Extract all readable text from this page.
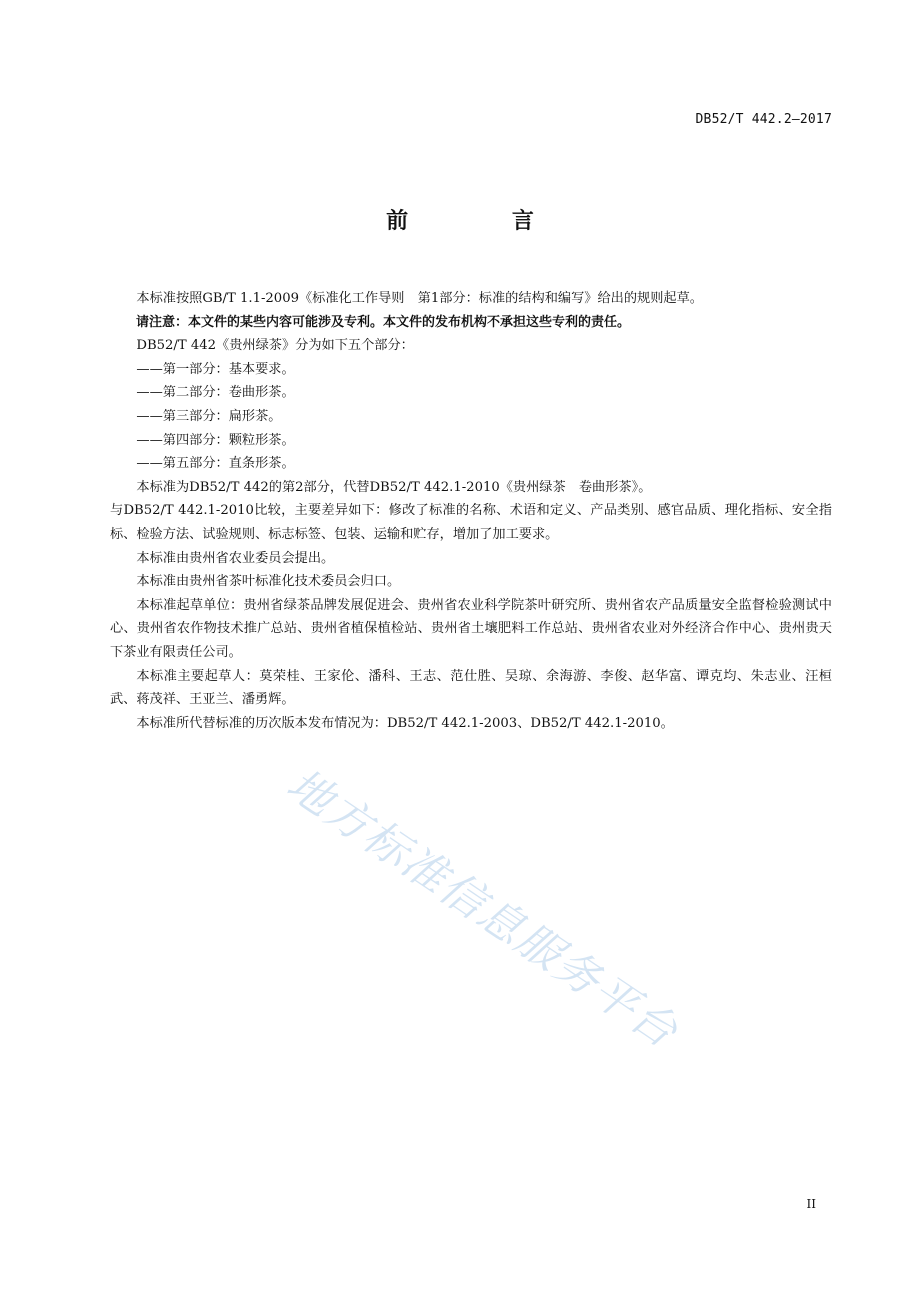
DB52/T 442.2—2017
前 言

本标准按照GB/T 1.1-2009《标准化工作导则　第1部分：标准的结构和编写》给出的规则起草。

请注意：本文件的某些内容可能涉及专利。本文件的发布机构不承担这些专利的责任。

DB52/T 442《贵州绿茶》分为如下五个部分：

——第一部分：基本要求。

——第二部分：卷曲形茶。

——第三部分：扁形茶。

——第四部分：颗粒形茶。

——第五部分：直条形茶。

本标准为DB52/T 442的第2部分，代替DB52/T 442.1-2010《贵州绿茶　卷曲形茶》。

与DB52/T 442.1-2010比较，主要差异如下：修改了标准的名称、术语和定义、产品类别、感官品质、理化指标、安全指标、检验方法、试验规则、标志标签、包装、运输和贮存，增加了加工要求。

本标准由贵州省农业委员会提出。

本标准由贵州省茶叶标准化技术委员会归口。

本标准起草单位：贵州省绿茶品牌发展促进会、贵州省农业科学院茶叶研究所、贵州省农产品质量安全监督检验测试中心、贵州省农作物技术推广总站、贵州省植保植检站、贵州省土壤肥料工作总站、贵州省农业对外经济合作中心、贵州贵天下茶业有限责任公司。

本标准主要起草人：莫荣桂、王家伦、潘科、王志、范仕胜、吴琼、余海游、李俊、赵华富、谭克均、朱志业、汪桓武、蒋茂祥、王亚兰、潘勇辉。

本标准所代替标准的历次版本发布情况为：DB52/T 442.1-2003、DB52/T 442.1-2010。

地方标准信息服务平台
II
